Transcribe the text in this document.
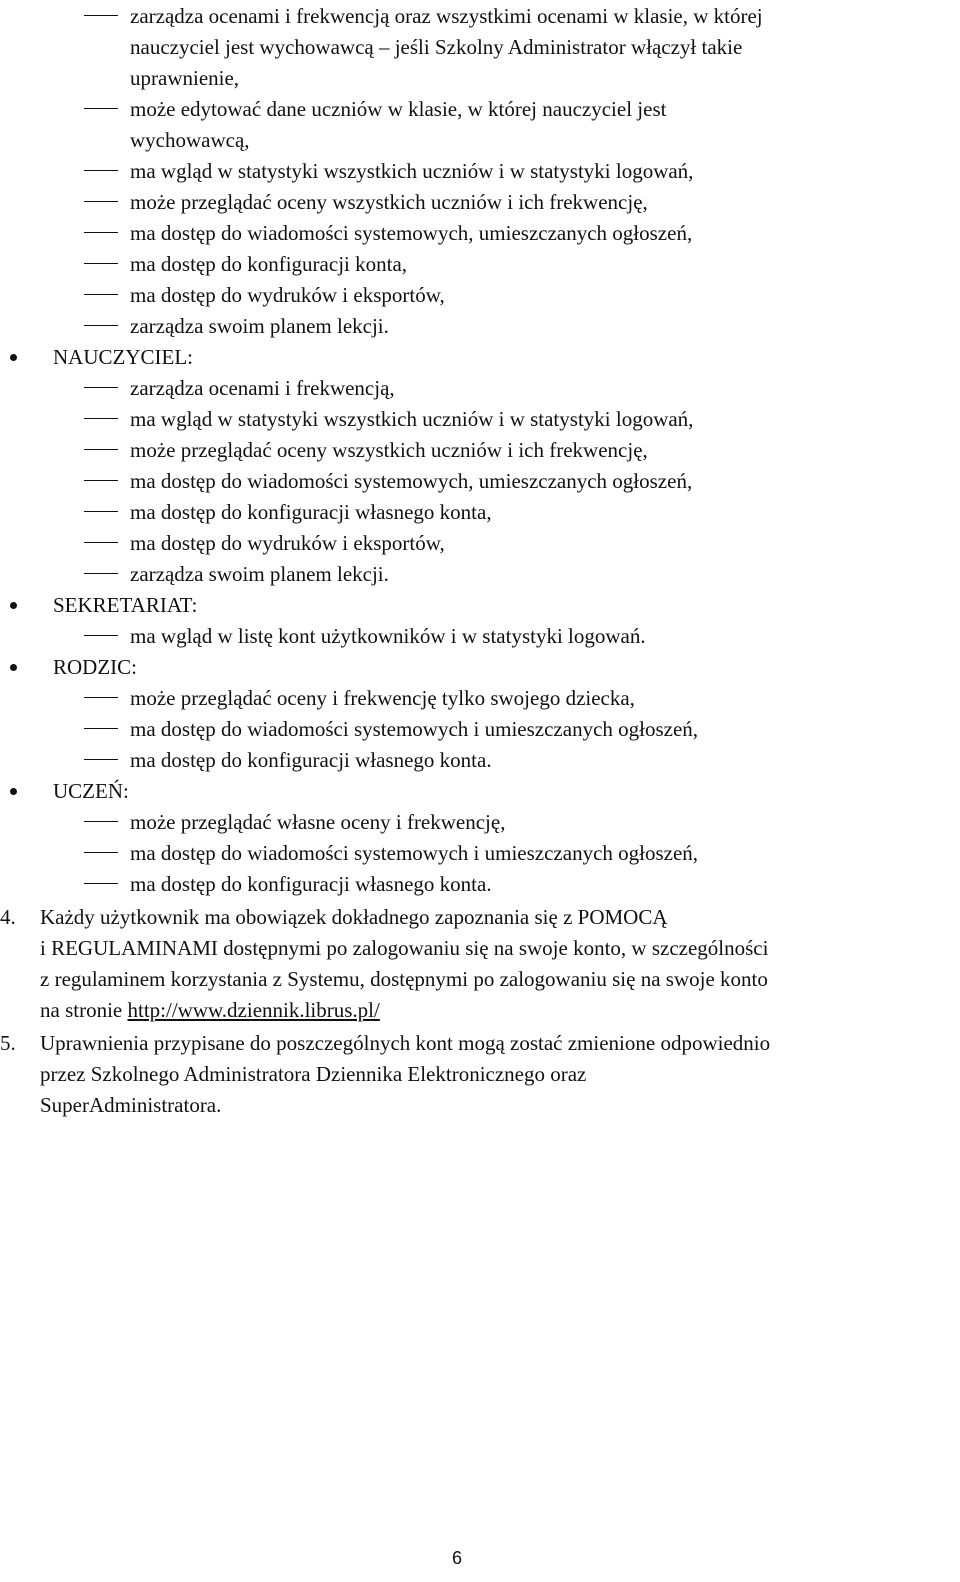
zarządza ocenami i frekwencją oraz wszystkimi ocenami w klasie, w której
nauczyciel jest wychowawcą – jeśli Szkolny Administrator włączył takie
uprawnienie,
może edytować dane uczniów w klasie, w której nauczyciel jest
wychowawcą,
ma wgląd w statystyki wszystkich uczniów i w statystyki logowań,
może przeglądać oceny wszystkich uczniów i ich frekwencję,
ma dostęp do wiadomości systemowych, umieszczanych ogłoszeń,
ma dostęp do konfiguracji konta,
ma dostęp do wydruków i eksportów,
zarządza swoim planem lekcji.
NAUCZYCIEL:
zarządza ocenami i frekwencją,
ma wgląd w statystyki wszystkich uczniów i w statystyki logowań,
może przeglądać oceny wszystkich uczniów i ich frekwencję,
ma dostęp do wiadomości systemowych, umieszczanych ogłoszeń,
ma dostęp do konfiguracji własnego konta,
ma dostęp do wydruków i eksportów,
zarządza swoim planem lekcji.
SEKRETARIAT:
ma wgląd w listę kont użytkowników i w statystyki logowań.
RODZIC:
może przeglądać oceny i frekwencję tylko swojego dziecka,
ma dostęp do wiadomości systemowych i umieszczanych ogłoszeń,
ma dostęp do konfiguracji własnego konta.
UCZEŃ:
może przeglądać własne oceny i frekwencję,
ma dostęp do wiadomości systemowych i umieszczanych ogłoszeń,
ma dostęp do konfiguracji własnego konta.
4. Każdy użytkownik ma obowiązek dokładnego zapoznania się z POMOCĄ
i REGULAMINAMI dostępnymi po zalogowaniu się na swoje konto, w szczególności
z regulaminem korzystania z Systemu, dostępnymi po zalogowaniu się na swoje konto
na stronie http://www.dziennik.librus.pl/
5. Uprawnienia przypisane do poszczególnych kont mogą zostać zmienione odpowiednio
przez Szkolnego Administratora Dziennika Elektronicznego oraz
SuperAdministratora.
6
